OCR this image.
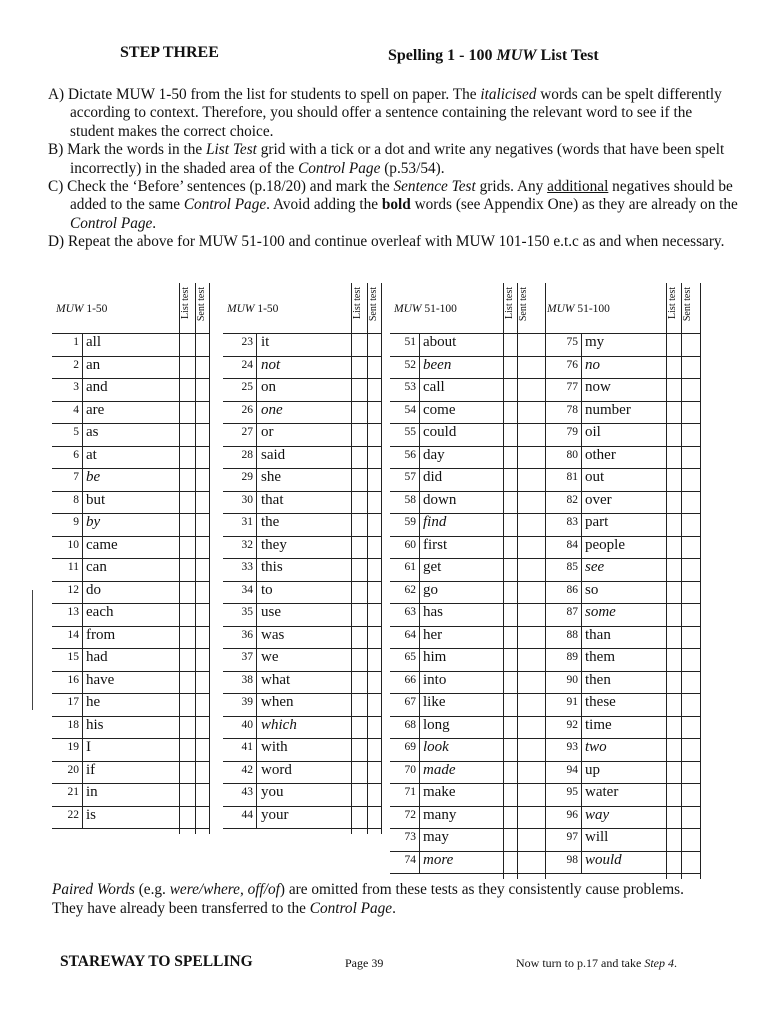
STEP THREE	Spelling 1 - 100 MUW List Test
A) Dictate MUW 1-50 from the list for students to spell on paper. The italicised words can be spelt differently according to context. Therefore, you should offer a sentence containing the relevant word to see if the student makes the correct choice.
B) Mark the words in the List Test grid with a tick or a dot and write any negatives (words that have been spelt incorrectly) in the shaded area of the Control Page (p.53/54).
C) Check the ‘Before’ sentences (p.18/20) and mark the Sentence Test grids. Any additional negatives should be added to the same Control Page. Avoid adding the bold words (see Appendix One) as they are already on the Control Page.
D) Repeat the above for MUW 51-100 and continue overleaf with MUW 101-150 e.t.c as and when necessary.
MUW 1-50	List test Sent test
1 all
2 an
3 and
4 are
5 as
6 at
7 be
8 but
9 by
10 came
11 can
12 do
13 each
14 from
15 had
16 have
17 he
18 his
19 I
20 if
21 in
22 is
MUW 1-50	List test Sent test
23 it
24 not
25 on
26 one
27 or
28 said
29 she
30 that
31 the
32 they
33 this
34 to
35 use
36 was
37 we
38 what
39 when
40 which
41 with
42 word
43 you
44 your
MUW 51-100	List test Sent test
51 about
52 been
53 call
54 come
55 could
56 day
57 did
58 down
59 find
60 first
61 get
62 go
63 has
64 her
65 him
66 into
67 like
68 long
69 look
70 made
71 make
72 many
73 may
74 more
MUW 51-100	List test Sent test
75 my
76 no
77 now
78 number
79 oil
80 other
81 out
82 over
83 part
84 people
85 see
86 so
87 some
88 than
89 them
90 then
91 these
92 time
93 two
94 up
95 water
96 way
97 will
98 would
Paired Words (e.g. were/where, off/of) are omitted from these tests as they consistently cause problems. They have already been transferred to the Control Page.
STAREWAY TO SPELLING	Page 39	Now turn to p.17 and take Step 4.
